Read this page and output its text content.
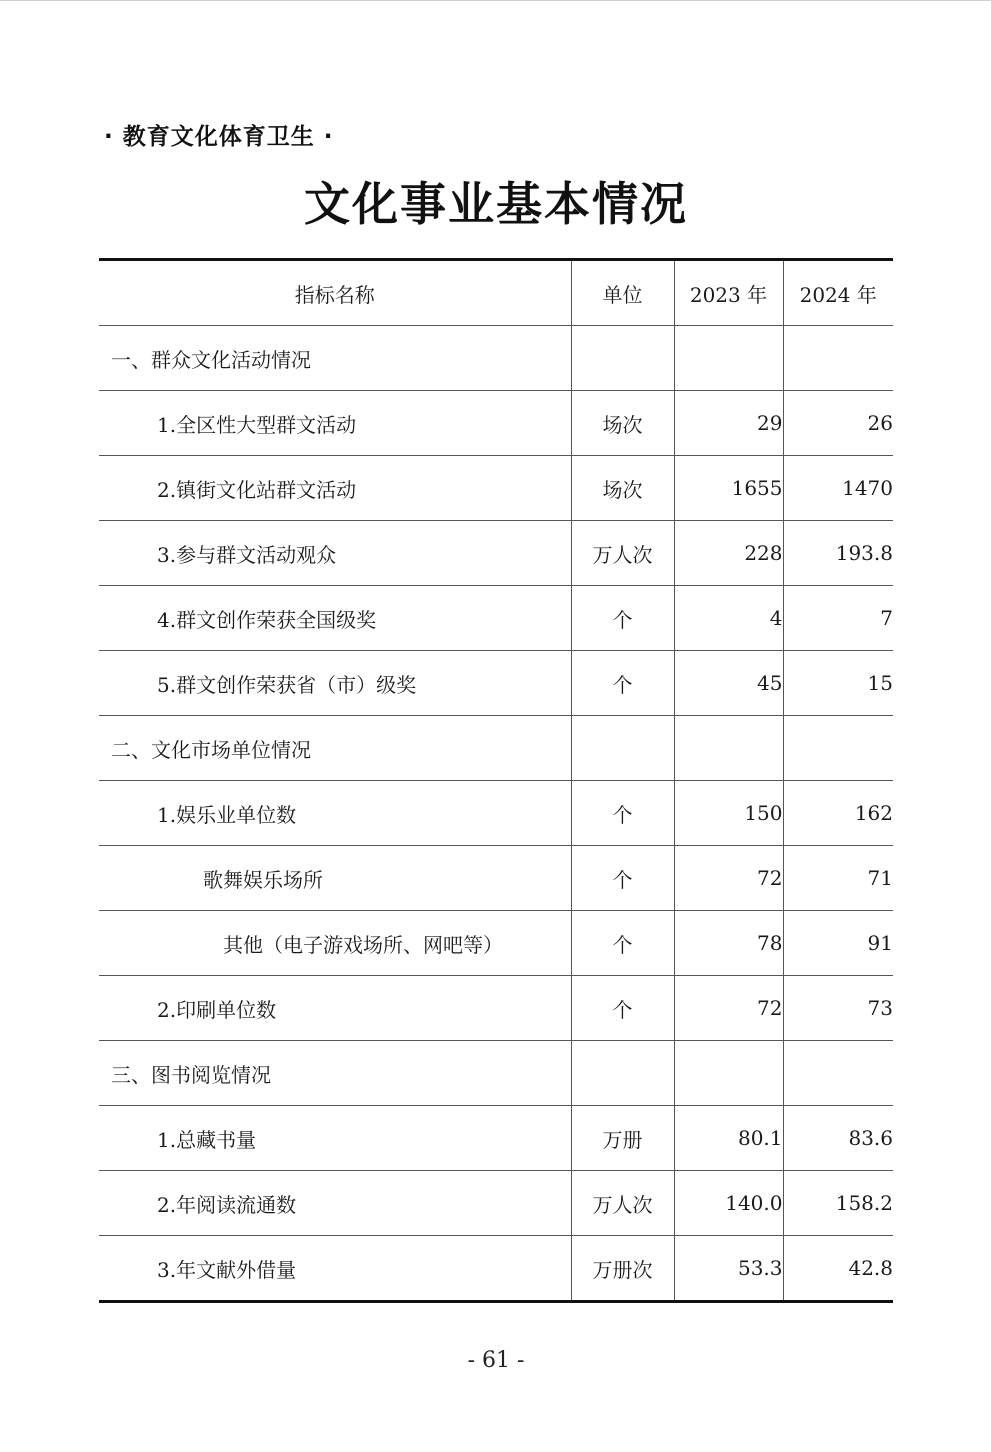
· 教育文化体育卫生 ·
文化事业基本情况
指标名称	单位	2023 年	2024 年
一、群众文化活动情况			
1.全区性大型群文活动	场次	29	26
2.镇街文化站群文活动	场次	1655	1470
3.参与群文活动观众	万人次	228	193.8
4.群文创作荣获全国级奖	个	4	7
5.群文创作荣获省（市）级奖	个	45	15
二、文化市场单位情况			
1.娱乐业单位数	个	150	162
歌舞娱乐场所	个	72	71
其他（电子游戏场所、网吧等）	个	78	91
2.印刷单位数	个	72	73
三、图书阅览情况			
1.总藏书量	万册	80.1	83.6
2.年阅读流通数	万人次	140.0	158.2
3.年文献外借量	万册次	53.3	42.8
- 61 -
